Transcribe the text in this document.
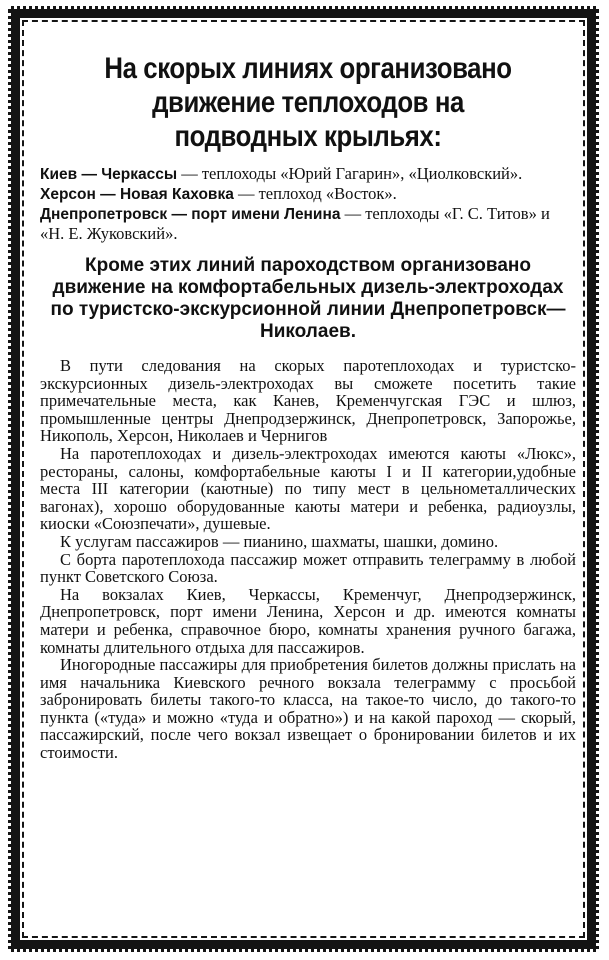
На скорых линиях организовано движение теплоходов на подводных крыльях:

Киев — Черкассы — теплоходы «Юрий Гагарин», «Циолковский».

Херсон — Новая Каховка — теплоход «Восток».

Днепропетровск — порт имени Ленина — теплоходы «Г. С. Титов» и «Н. Е. Жуковский».

Кроме этих линий пароходством организовано движение на комфортабельных дизель-электроходах по туристско-экскурсионной линии Днепропетровск—Николаев.

В пути следования на скорых паротеплоходах и туристско-экскурсионных дизель-электроходах вы сможете посетить такие примечательные места, как Канев, Кременчугская ГЭС и шлюз, промышленные центры Днепродзержинск, Днепропетровск, Запорожье, Никополь, Херсон, Николаев и Чернигов

На паротеплоходах и дизель-электроходах имеются каюты «Люкс», рестораны, салоны, комфортабельные каюты I и II категории,удобные места III категории (каютные) по типу мест в цельнометаллических вагонах), хорошо оборудованные каюты матери и ребенка, радиоузлы, киоски «Союзпечати», душевые.

К услугам пассажиров — пианино, шахматы, шашки, домино.

С борта паротеплохода пассажир может отправить телеграмму в любой пункт Советского Союза.

На вокзалах Киев, Черкассы, Кременчуг, Днепродзержинск, Днепропетровск, порт имени Ленина, Херсон и др. имеются комнаты матери и ребенка, справочное бюро, комнаты хранения ручного багажа, комнаты длительного отдыха для пассажиров.

Иногородные пассажиры для приобретения билетов должны прислать на имя начальника Киевского речного вокзала телеграмму с просьбой забронировать билеты такого-то класса, на такое-то число, до такого-то пункта («туда» и можно «туда и обратно») и на какой пароход — скорый, пассажирский, после чего вокзал извещает о бронировании билетов и их стоимости.
